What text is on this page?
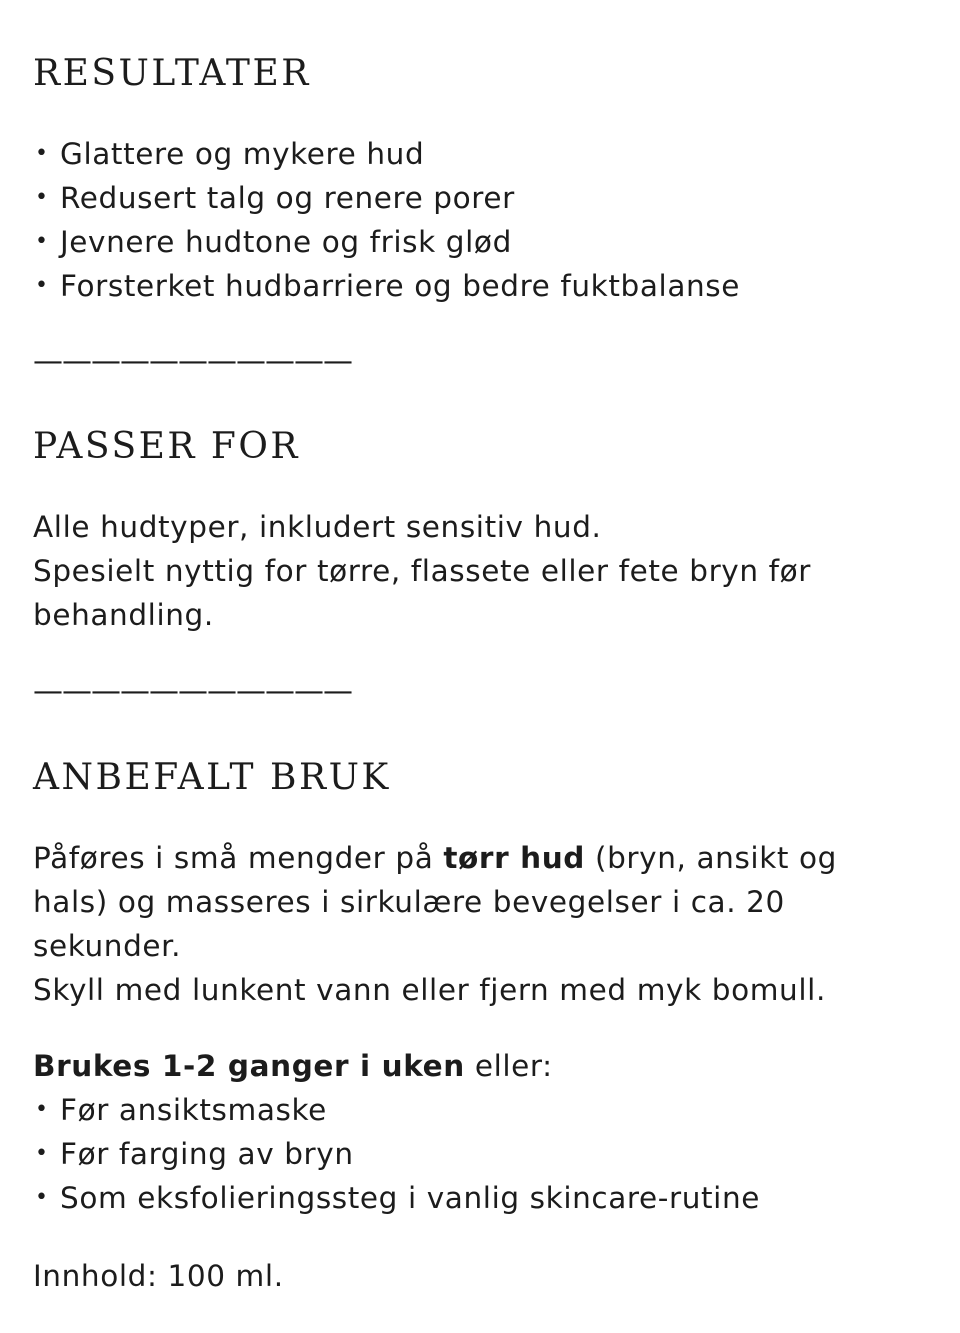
RESULTATER
• Glattere og mykere hud
• Redusert talg og renere porer
• Jevnere hudtone og frisk glød
• Forsterket hudbarriere og bedre fuktbalanse
———————————
PASSER FOR

Alle hudtyper, inkludert sensitiv hud.

Spesielt nyttig for tørre, flassete eller fete bryn før

behandling.

———————————
ANBEFALT BRUK

Påføres i små mengder på tørr hud (bryn, ansikt og

hals) og masseres i sirkulære bevegelser i ca. 20

sekunder.

Skyll med lunkent vann eller fjern med myk bomull.

Brukes 1-2 ganger i uken eller:

• Før ansiktsmaske
• Før farging av bryn
• Som eksfolieringssteg i vanlig skincare-rutine
Innhold: 100 ml.
